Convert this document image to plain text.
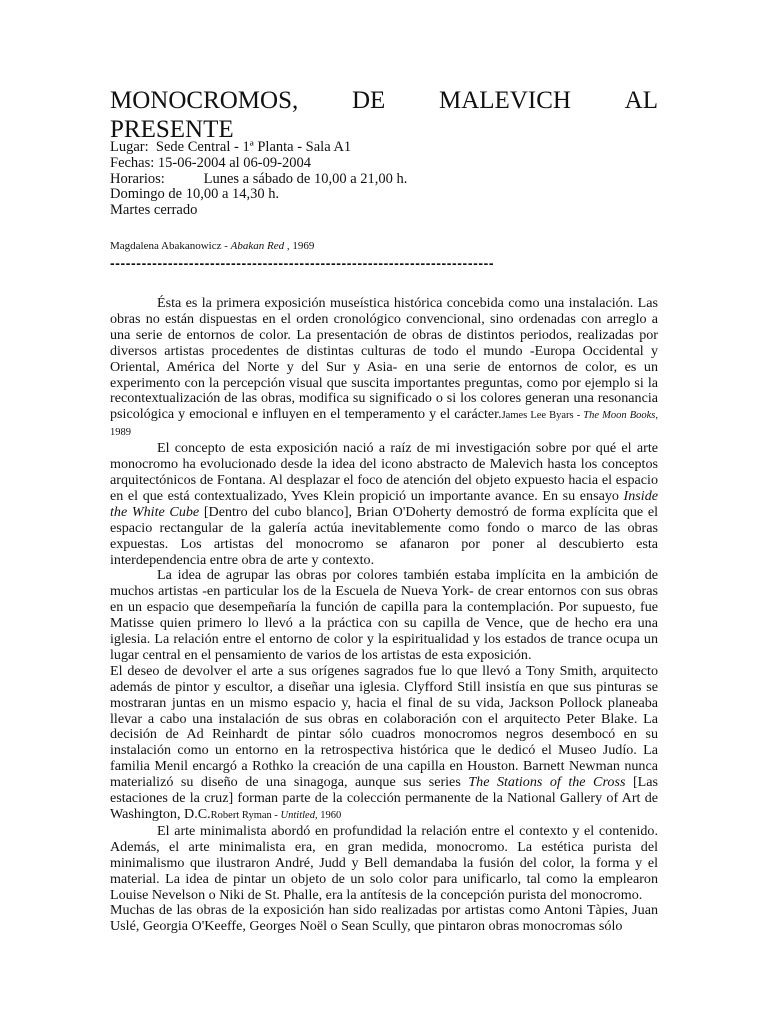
MONOCROMOS, DE MALEVICH AL
PRESENTE
Lugar: Sede Central - 1ª Planta - Sala A1
Fechas: 15-06-2004 al 06-09-2004
Horarios:	Lunes a sábado de 10,00 a 21,00 h.
Domingo de 10,00 a 14,30 h.
Martes cerrado
Magdalena Abakanowicz - Abakan Red , 1969
-------------------------------------------------------------------------

Ésta es la primera exposición museística histórica concebida como una instalación. Las obras no están dispuestas en el orden cronológico convencional, sino ordenadas con arreglo a una serie de entornos de color. La presentación de obras de distintos periodos, realizadas por diversos artistas procedentes de distintas culturas de todo el mundo -Europa Occidental y Oriental, América del Norte y del Sur y Asia- en una serie de entornos de color, es un experimento con la percepción visual que suscita importantes preguntas, como por ejemplo si la recontextualización de las obras, modifica su significado o si los colores generan una resonancia psicológica y emocional e influyen en el temperamento y el carácter.James Lee Byars - The Moon Books, 1989

El concepto de esta exposición nació a raíz de mi investigación sobre por qué el arte monocromo ha evolucionado desde la idea del icono abstracto de Malevich hasta los conceptos arquitectónicos de Fontana. Al desplazar el foco de atención del objeto expuesto hacia el espacio en el que está contextualizado, Yves Klein propició un importante avance. En su ensayo Inside the White Cube [Dentro del cubo blanco], Brian O'Doherty demostró de forma explícita que el espacio rectangular de la galería actúa inevitablemente como fondo o marco de las obras expuestas. Los artistas del monocromo se afanaron por poner al descubierto esta interdependencia entre obra de arte y contexto.

La idea de agrupar las obras por colores también estaba implícita en la ambición de muchos artistas -en particular los de la Escuela de Nueva York- de crear entornos con sus obras en un espacio que desempeñaría la función de capilla para la contemplación. Por supuesto, fue Matisse quien primero lo llevó a la práctica con su capilla de Vence, que de hecho era una iglesia. La relación entre el entorno de color y la espiritualidad y los estados de trance ocupa un lugar central en el pensamiento de varios de los artistas de esta exposición.

El deseo de devolver el arte a sus orígenes sagrados fue lo que llevó a Tony Smith, arquitecto además de pintor y escultor, a diseñar una iglesia. Clyfford Still insistía en que sus pinturas se mostraran juntas en un mismo espacio y, hacia el final de su vida, Jackson Pollock planeaba llevar a cabo una instalación de sus obras en colaboración con el arquitecto Peter Blake. La decisión de Ad Reinhardt de pintar sólo cuadros monocromos negros desembocó en su instalación como un entorno en la retrospectiva histórica que le dedicó el Museo Judío. La familia Menil encargó a Rothko la creación de una capilla en Houston. Barnett Newman nunca materializó su diseño de una sinagoga, aunque sus series The Stations of the Cross [Las estaciones de la cruz] forman parte de la colección permanente de la National Gallery of Art de Washington, D.C.Robert Ryman - Untitled, 1960

El arte minimalista abordó en profundidad la relación entre el contexto y el contenido. Además, el arte minimalista era, en gran medida, monocromo. La estética purista del minimalismo que ilustraron André, Judd y Bell demandaba la fusión del color, la forma y el material. La idea de pintar un objeto de un solo color para unificarlo, tal como la emplearon Louise Nevelson o Niki de St. Phalle, era la antítesis de la concepción purista del monocromo.

Muchas de las obras de la exposición han sido realizadas por artistas como Antoni Tàpies, Juan Uslé, Georgia O'Keeffe, Georges Noël o Sean Scully, que pintaron obras monocromas sólo
